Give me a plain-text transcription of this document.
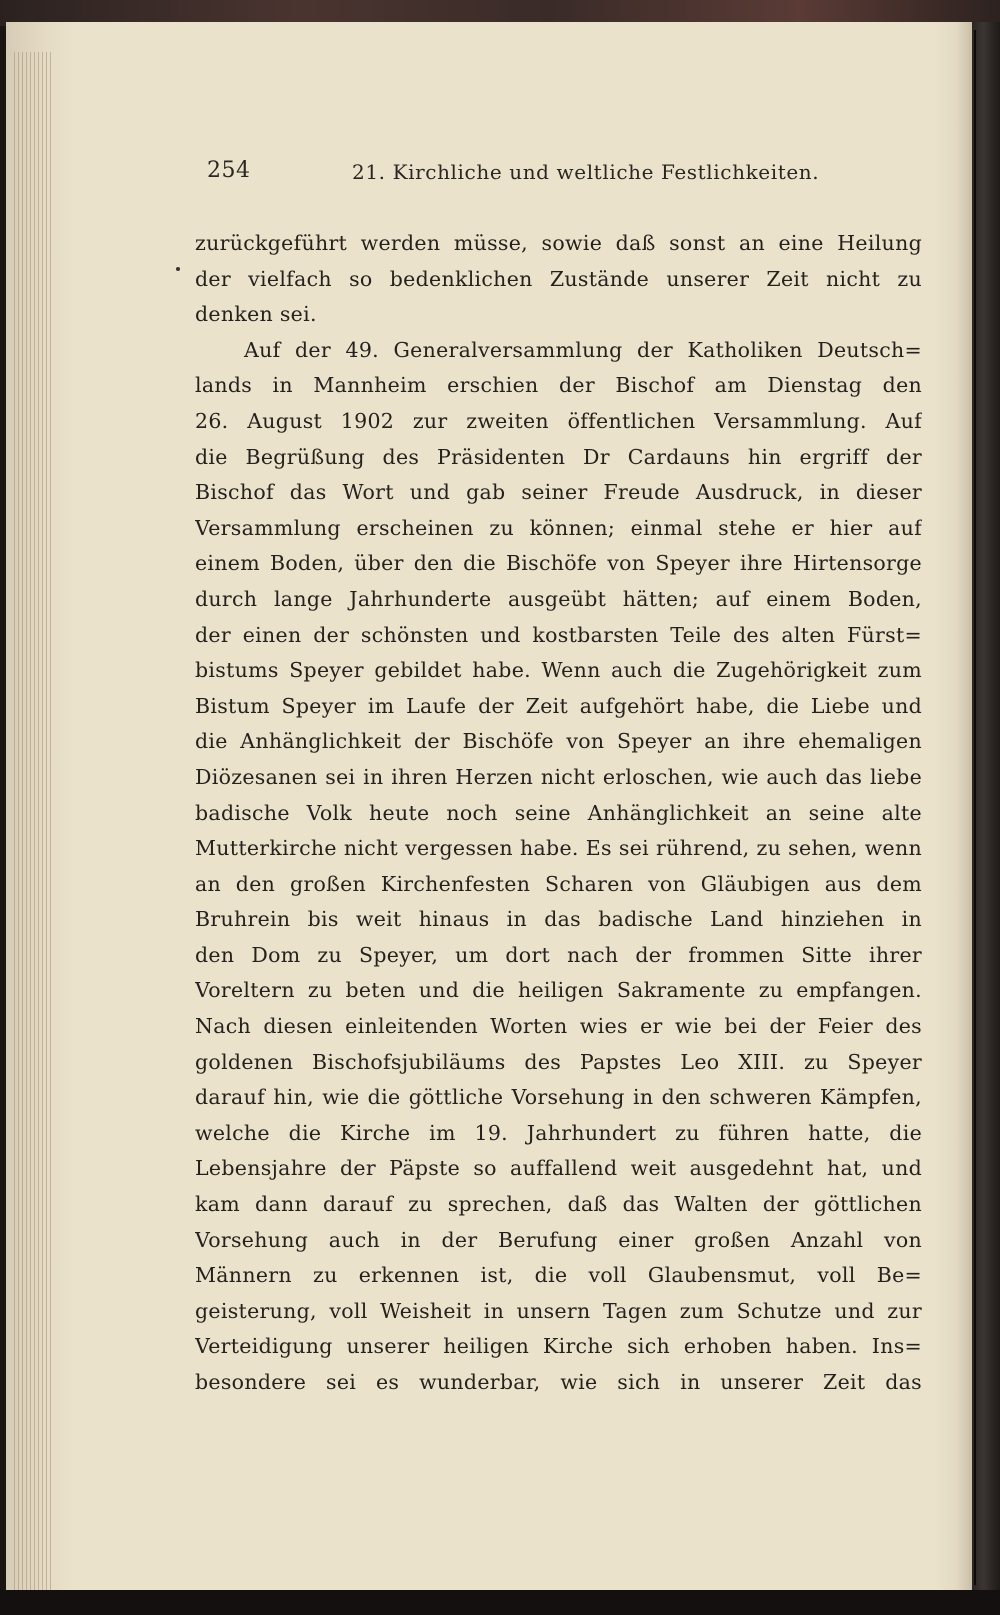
254	21. Kirchliche und weltliche Festlichkeiten.
zurückgeführt werden müsse, sowie daß sonst an eine Heilung
der vielfach so bedenklichen Zustände unserer Zeit nicht zu
denken sei.
Auf der 49. Generalversammlung der Katholiken Deutsch=
lands in Mannheim erschien der Bischof am Dienstag den
26. August 1902 zur zweiten öffentlichen Versammlung. Auf
die Begrüßung des Präsidenten Dr Cardauns hin ergriff der
Bischof das Wort und gab seiner Freude Ausdruck, in dieser
Versammlung erscheinen zu können; einmal stehe er hier auf
einem Boden, über den die Bischöfe von Speyer ihre Hirtensorge
durch lange Jahrhunderte ausgeübt hätten; auf einem Boden,
der einen der schönsten und kostbarsten Teile des alten Fürst=
bistums Speyer gebildet habe. Wenn auch die Zugehörigkeit zum
Bistum Speyer im Laufe der Zeit aufgehört habe, die Liebe und
die Anhänglichkeit der Bischöfe von Speyer an ihre ehemaligen
Diözesanen sei in ihren Herzen nicht erloschen, wie auch das liebe
badische Volk heute noch seine Anhänglichkeit an seine alte
Mutterkirche nicht vergessen habe. Es sei rührend, zu sehen, wenn
an den großen Kirchenfesten Scharen von Gläubigen aus dem
Bruhrein bis weit hinaus in das badische Land hinziehen in
den Dom zu Speyer, um dort nach der frommen Sitte ihrer
Voreltern zu beten und die heiligen Sakramente zu empfangen.
Nach diesen einleitenden Worten wies er wie bei der Feier des
goldenen Bischofsjubiläums des Papstes Leo XIII. zu Speyer
darauf hin, wie die göttliche Vorsehung in den schweren Kämpfen,
welche die Kirche im 19. Jahrhundert zu führen hatte, die
Lebensjahre der Päpste so auffallend weit ausgedehnt hat, und
kam dann darauf zu sprechen, daß das Walten der göttlichen
Vorsehung auch in der Berufung einer großen Anzahl von
Männern zu erkennen ist, die voll Glaubensmut, voll Be=
geisterung, voll Weisheit in unsern Tagen zum Schutze und zur
Verteidigung unserer heiligen Kirche sich erhoben haben. Ins=
besondere sei es wunderbar, wie sich in unserer Zeit das
